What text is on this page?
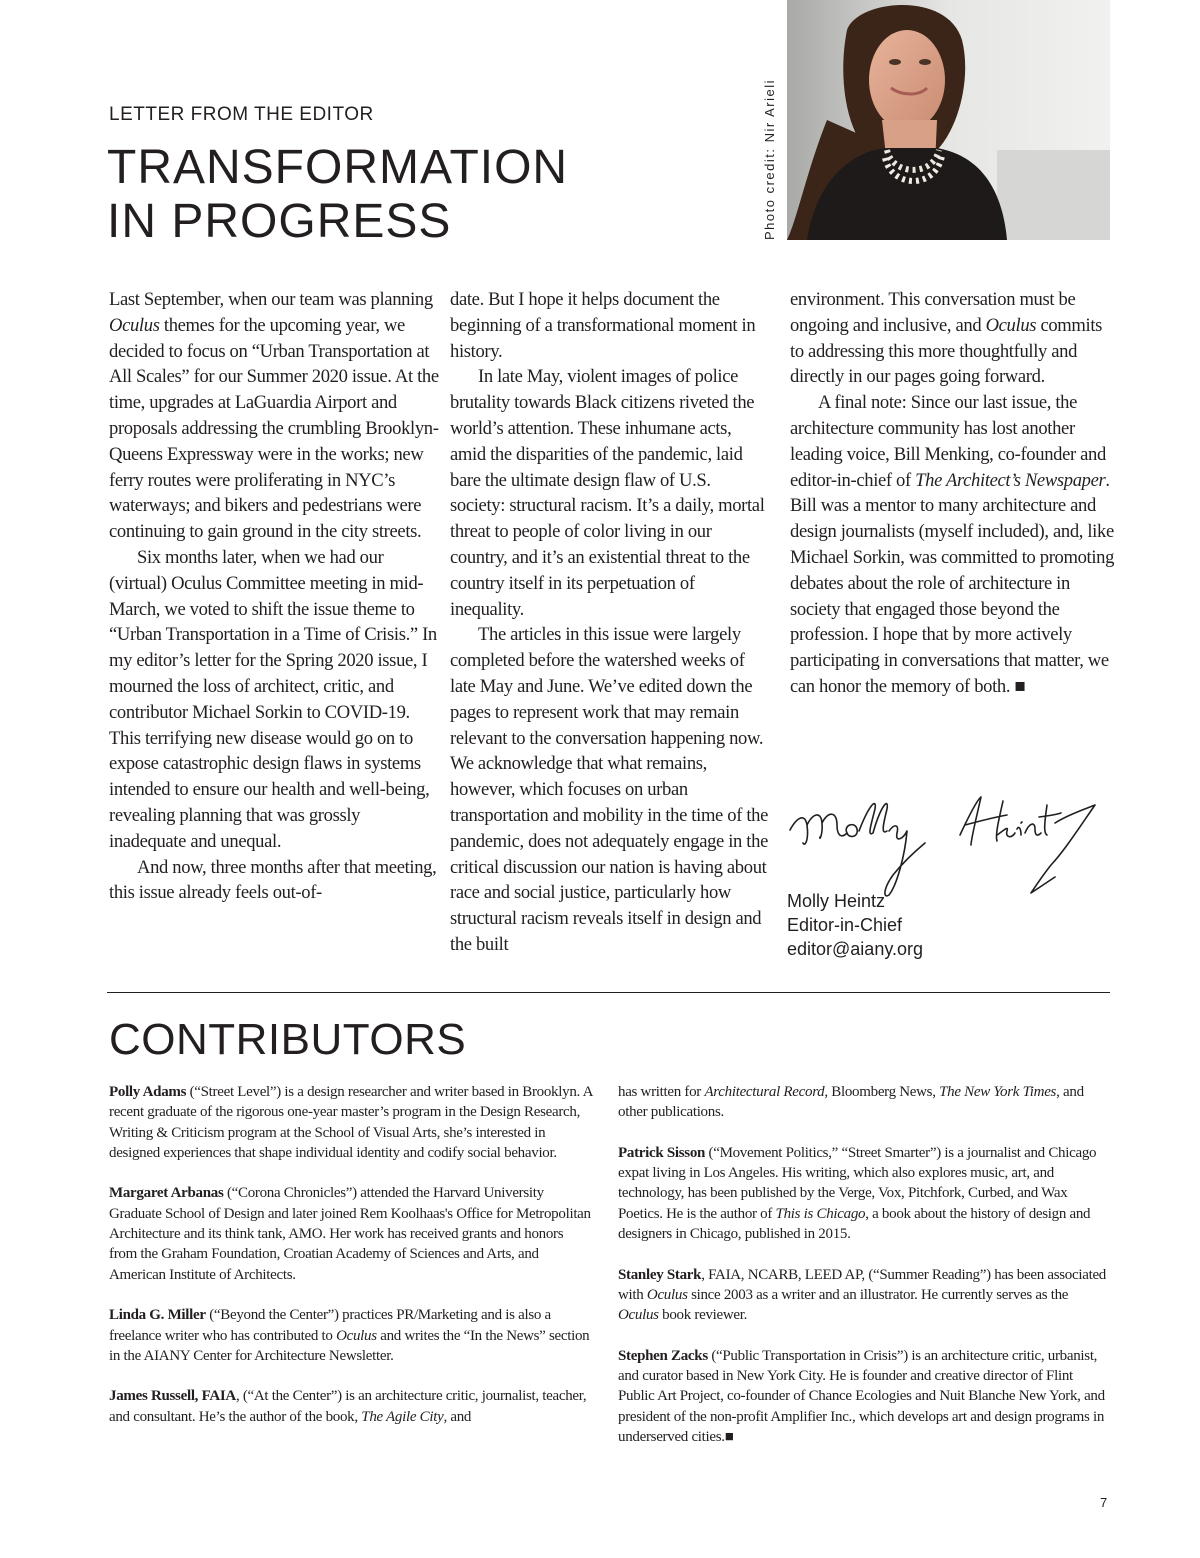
LETTER FROM THE EDITOR
TRANSFORMATION
IN PROGRESS	Photo credit: Nir Arieli

Last September, when our team was planning Oculus themes for the upcoming year, we decided to focus on “Urban Transportation at All Scales” for our Summer 2020 issue. At the time, upgrades at LaGuardia Airport and proposals addressing the crumbling Brooklyn-Queens Expressway were in the works; new ferry routes were proliferating in NYC’s waterways; and bikers and pedestrians were continuing to gain ground in the city streets.

Six months later, when we had our (virtual) Oculus Committee meeting in mid-March, we voted to shift the issue theme to “Urban Transportation in a Time of Crisis.” In my editor’s letter for the Spring 2020 issue, I mourned the loss of architect, critic, and contributor Michael Sorkin to COVID-19. This terrifying new disease would go on to expose catastrophic design flaws in systems intended to ensure our health and well-being, revealing planning that was grossly inadequate and unequal.

And now, three months after that meeting, this issue already feels out-of-

date. But I hope it helps document the beginning of a transformational moment in history.

In late May, violent images of police brutality towards Black citizens riveted the world’s attention. These inhumane acts, amid the disparities of the pandemic, laid bare the ultimate design flaw of U.S. society: structural racism. It’s a daily, mortal threat to people of color living in our country, and it’s an existential threat to the country itself in its perpetuation of inequality.

The articles in this issue were largely completed before the watershed weeks of late May and June. We’ve edited down the pages to represent work that may remain relevant to the conversation happening now. We acknowledge that what remains, however, which focuses on urban transportation and mobility in the time of the pandemic, does not adequately engage in the critical discussion our nation is having about race and social justice, particularly how structural racism reveals itself in design and the built

environment. This conversation must be ongoing and inclusive, and Oculus commits to addressing this more thoughtfully and directly in our pages going forward.

A final note: Since our last issue, the architecture community has lost another leading voice, Bill Menking, co-founder and editor-in-chief of The Architect’s Newspaper. Bill was a mentor to many architecture and design journalists (myself included), and, like Michael Sorkin, was committed to promoting debates about the role of architecture in society that engaged those beyond the profession. I hope that by more actively participating in conversations that matter, we can honor the memory of both. ■

Molly Heintz
Editor-in-Chief
editor@aiany.org
CONTRIBUTORS

Polly Adams (“Street Level”) is a design researcher and writer based in Brooklyn. A recent graduate of the rigorous one-year master’s program in the Design Research, Writing & Criticism program at the School of Visual Arts, she’s interested in designed experiences that shape individual identity and codify social behavior.

Margaret Arbanas (“Corona Chronicles”) attended the Harvard University Graduate School of Design and later joined Rem Koolhaas's Office for Metropolitan Architecture and its think tank, AMO. Her work has received grants and honors from the Graham Foundation, Croatian Academy of Sciences and Arts, and American Institute of Architects.

Linda G. Miller (“Beyond the Center”) practices PR/Marketing and is also a freelance writer who has contributed to Oculus and writes the “In the News” section in the AIANY Center for Architecture Newsletter.

James Russell, FAIA, (“At the Center”) is an architecture critic, journalist, teacher, and consultant. He’s the author of the book, The Agile City, and

has written for Architectural Record, Bloomberg News, The New York Times, and other publications.

Patrick Sisson (“Movement Politics,” “Street Smarter”) is a journalist and Chicago expat living in Los Angeles. His writing, which also explores music, art, and technology, has been published by the Verge, Vox, Pitchfork, Curbed, and Wax Poetics. He is the author of This is Chicago, a book about the history of design and designers in Chicago, published in 2015.

Stanley Stark, FAIA, NCARB, LEED AP, (“Summer Reading”) has been associated with Oculus since 2003 as a writer and an illustrator. He currently serves as the Oculus book reviewer.

Stephen Zacks (“Public Transportation in Crisis”) is an architecture critic, urbanist, and curator based in New York City. He is founder and creative director of Flint Public Art Project, co-founder of Chance Ecologies and Nuit Blanche New York, and president of the non-profit Amplifier Inc., which develops art and design programs in underserved cities.■

7
